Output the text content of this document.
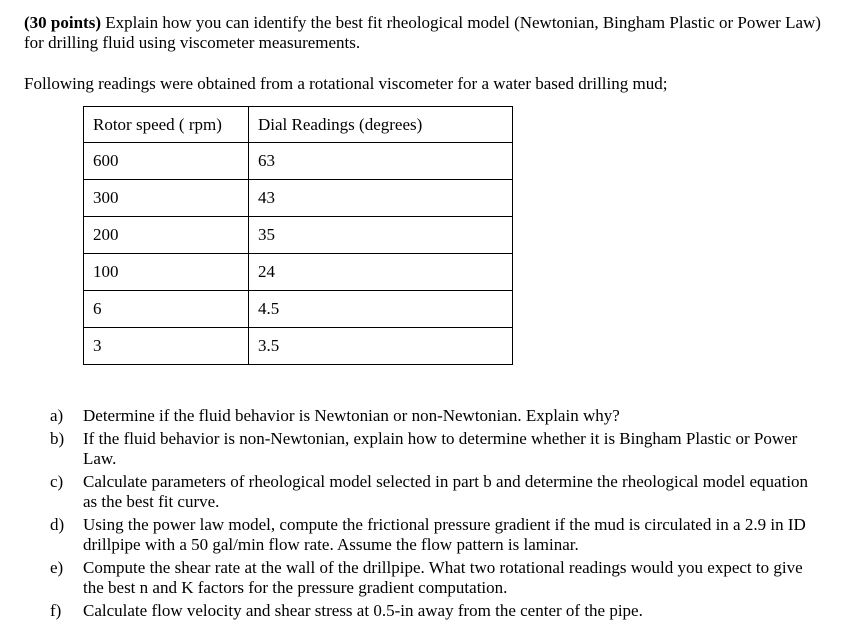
(30 points) Explain how you can identify the best fit rheological model (Newtonian, Bingham Plastic or Power Law) for drilling fluid using viscometer measurements.

Following readings were obtained from a rotational viscometer for a water based drilling mud;

Rotor speed ( rpm)	Dial Readings (degrees)
600	63
300	43
200	35
100	24
6	4.5
3	3.5
a)	Determine if the fluid behavior is Newtonian or non-Newtonian. Explain why?
b)	If the fluid behavior is non-Newtonian, explain how to determine whether it is Bingham Plastic or Power Law.
c)	Calculate parameters of rheological model selected in part b and determine the rheological model equation as the best fit curve.
d)	Using the power law model, compute the frictional pressure gradient if the mud is circulated in a 2.9 in ID drillpipe with a 50 gal/min flow rate. Assume the flow pattern is laminar.
e)	Compute the shear rate at the wall of the drillpipe. What two rotational readings would you expect to give the best n and K factors for the pressure gradient computation.
f)	Calculate flow velocity and shear stress at 0.5-in away from the center of the pipe.
